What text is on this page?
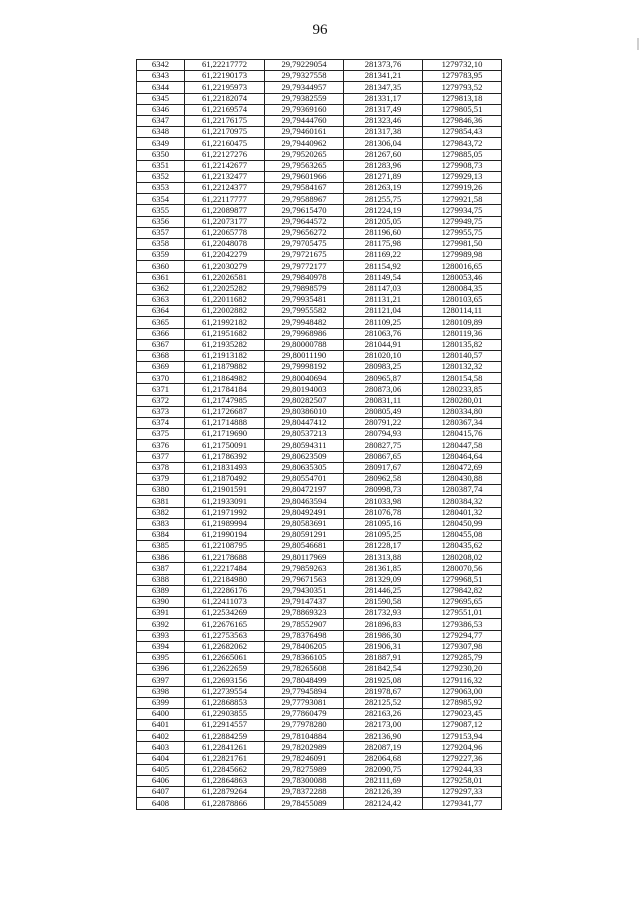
96
6342	61,22217772	29,79229054	281373,76	1279732,10
6343	61,22190173	29,79327558	281341,21	1279783,95
6344	61,22195973	29,79344957	281347,35	1279793,52
6345	61,22182074	29,79382559	281331,17	1279813,18
6346	61,22169574	29,79369160	281317,49	1279805,51
6347	61,22176175	29,79444760	281323,46	1279846,36
6348	61,22170975	29,79460161	281317,38	1279854,43
6349	61,22160475	29,79440962	281306,04	1279843,72
6350	61,22127276	29,79520265	281267,60	1279885,05
6351	61,22142677	29,79563265	281283,96	1279908,73
6352	61,22132477	29,79601966	281271,89	1279929,13
6353	61,22124377	29,79584167	281263,19	1279919,26
6354	61,22117777	29,79588967	281255,75	1279921,58
6355	61,22089877	29,79615470	281224,19	1279934,75
6356	61,22073177	29,79644572	281205,05	1279949,75
6357	61,22065778	29,79656272	281196,60	1279955,75
6358	61,22048078	29,79705475	281175,98	1279981,50
6359	61,22042279	29,79721675	281169,22	1279989,98
6360	61,22030279	29,79772177	281154,92	1280016,65
6361	61,22026581	29,79840978	281149,54	1280053,46
6362	61,22025282	29,79898579	281147,03	1280084,35
6363	61,22011682	29,79935481	281131,21	1280103,65
6364	61,22002882	29,79955582	281121,04	1280114,11
6365	61,21992182	29,79948482	281109,25	1280109,89
6366	61,21951682	29,79968986	281063,76	1280119,36
6367	61,21935282	29,80000788	281044,91	1280135,82
6368	61,21913182	29,80011190	281020,10	1280140,57
6369	61,21879882	29,79998192	280983,25	1280132,32
6370	61,21864982	29,80040694	280965,87	1280154,58
6371	61,21784184	29,80194003	280873,06	1280233,85
6372	61,21747985	29,80282507	280831,11	1280280,01
6373	61,21726687	29,80386010	280805,49	1280334,80
6374	61,21714888	29,80447412	280791,22	1280367,34
6375	61,21719690	29,80537213	280794,93	1280415,76
6376	61,21750091	29,80594311	280827,75	1280447,58
6377	61,21786392	29,80623509	280867,65	1280464,64
6378	61,21831493	29,80635305	280917,67	1280472,69
6379	61,21870492	29,80554701	280962,58	1280430,88
6380	61,21901591	29,80472197	280998,73	1280387,74
6381	61,21933091	29,80463594	281033,98	1280384,32
6382	61,21971992	29,80492491	281076,78	1280401,32
6383	61,21989994	29,80583691	281095,16	1280450,99
6384	61,21990194	29,80591291	281095,25	1280455,08
6385	61,22108795	29,80546681	281228,17	1280435,62
6386	61,22178688	29,80117969	281313,88	1280208,02
6387	61,22217484	29,79859263	281361,85	1280070,56
6388	61,22184980	29,79671563	281329,09	1279968,51
6389	61,22286176	29,79430351	281446,25	1279842,82
6390	61,22411073	29,79147437	281590,58	1279695,65
6391	61,22534269	29,78869323	281732,93	1279551,01
6392	61,22676165	29,78552907	281896,83	1279386,53
6393	61,22753563	29,78376498	281986,30	1279294,77
6394	61,22682062	29,78406205	281906,31	1279307,98
6395	61,22665061	29,78366105	281887,91	1279285,79
6396	61,22622659	29,78265608	281842,54	1279230,20
6397	61,22693156	29,78048499	281925,08	1279116,32
6398	61,22739554	29,77945894	281978,67	1279063,00
6399	61,22868853	29,77793081	282125,52	1278985,92
6400	61,22903855	29,77860479	282163,26	1279023,45
6401	61,22914557	29,77978280	282173,00	1279087,12
6402	61,22884259	29,78104884	282136,90	1279153,94
6403	61,22841261	29,78202989	282087,19	1279204,96
6404	61,22821761	29,78246091	282064,68	1279227,36
6405	61,22845662	29,78275989	282090,75	1279244,33
6406	61,22864863	29,78300088	282111,69	1279258,01
6407	61,22879264	29,78372288	282126,39	1279297,33
6408	61,22878866	29,78455089	282124,42	1279341,77
